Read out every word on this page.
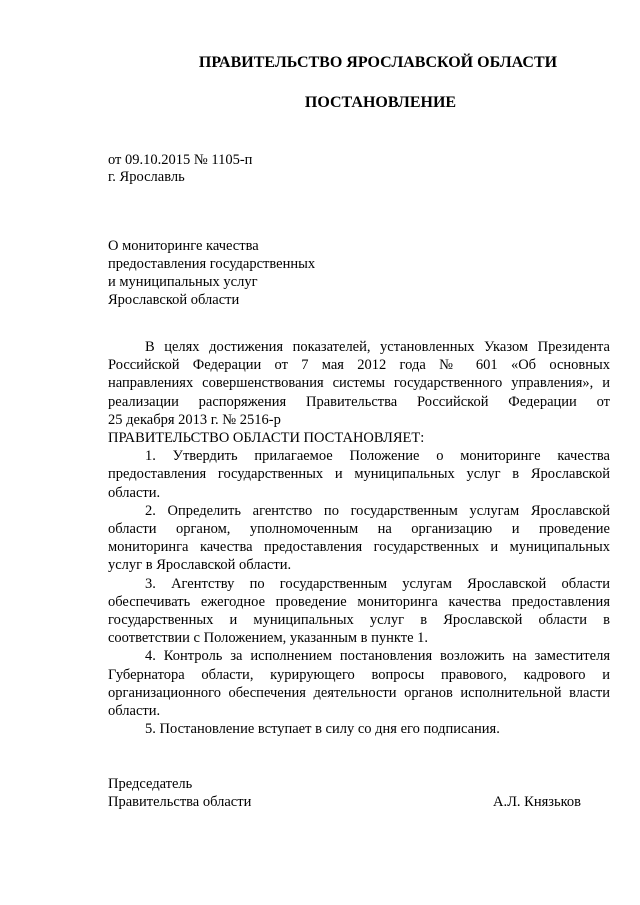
ПРАВИТЕЛЬСТВО ЯРОСЛАВСКОЙ ОБЛАСТИ
ПОСТАНОВЛЕНИЕ
от 09.10.2015 № 1105-п
г. Ярославль
О мониторинге качества
предоставления государственных
и муниципальных услуг
Ярославской области
В целях достижения показателей, установленных Указом Президента
Российской Федерации от 7 мая 2012 года № 601 «Об основных
направлениях совершенствования системы государственного управления», и
реализации распоряжения Правительства Российской Федерации от
25 декабря 2013 г. № 2516-р
ПРАВИТЕЛЬСТВО ОБЛАСТИ ПОСТАНОВЛЯЕТ:
1. Утвердить прилагаемое Положение о мониторинге качества
предоставления государственных и муниципальных услуг в Ярославской
области.
2. Определить агентство по государственным услугам Ярославской
области органом, уполномоченным на организацию и проведение
мониторинга качества предоставления государственных и муниципальных
услуг в Ярославской области.
3. Агентству по государственным услугам Ярославской области
обеспечивать ежегодное проведение мониторинга качества предоставления
государственных и муниципальных услуг в Ярославской области в
соответствии с Положением, указанным в пункте 1.
4. Контроль за исполнением постановления возложить на заместителя
Губернатора области, курирующего вопросы правового, кадрового и
организационного обеспечения деятельности органов исполнительной власти
области.
5. Постановление вступает в силу со дня его подписания.
Председатель
Правительства области	А.Л. Князьков
